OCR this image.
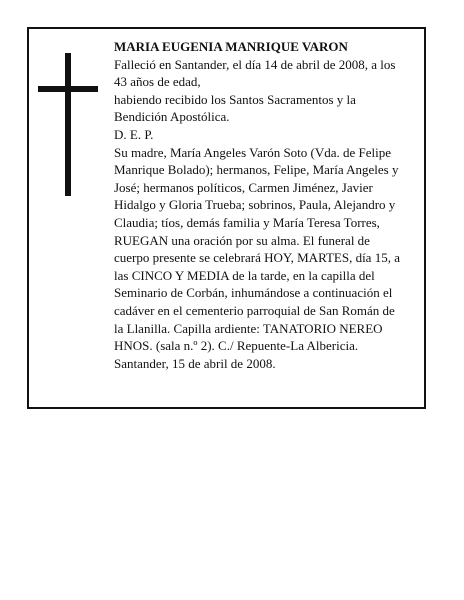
MARIA EUGENIA MANRIQUE VARON
Falleció en Santander, el día 14 de abril de 2008, a los
43 años de edad,
habiendo recibido los Santos Sacramentos y la
Bendición Apostólica.
D. E. P.
Su madre, María Angeles Varón Soto (Vda. de Felipe
Manrique Bolado); hermanos, Felipe, María Angeles y
José; hermanos políticos, Carmen Jiménez, Javier
Hidalgo y Gloria Trueba; sobrinos, Paula, Alejandro y
Claudia; tíos, demás familia y María Teresa Torres,
RUEGAN una oración por su alma. El funeral de
cuerpo presente se celebrará HOY, MARTES, día 15, a
las CINCO Y MEDIA de la tarde, en la capilla del
Seminario de Corbán, inhumándose a continuación el
cadáver en el cementerio parroquial de San Román de
la Llanilla. Capilla ardiente: TANATORIO NEREO
HNOS. (sala n.º 2). C./ Repuente-La Albericia.
Santander, 15 de abril de 2008.
